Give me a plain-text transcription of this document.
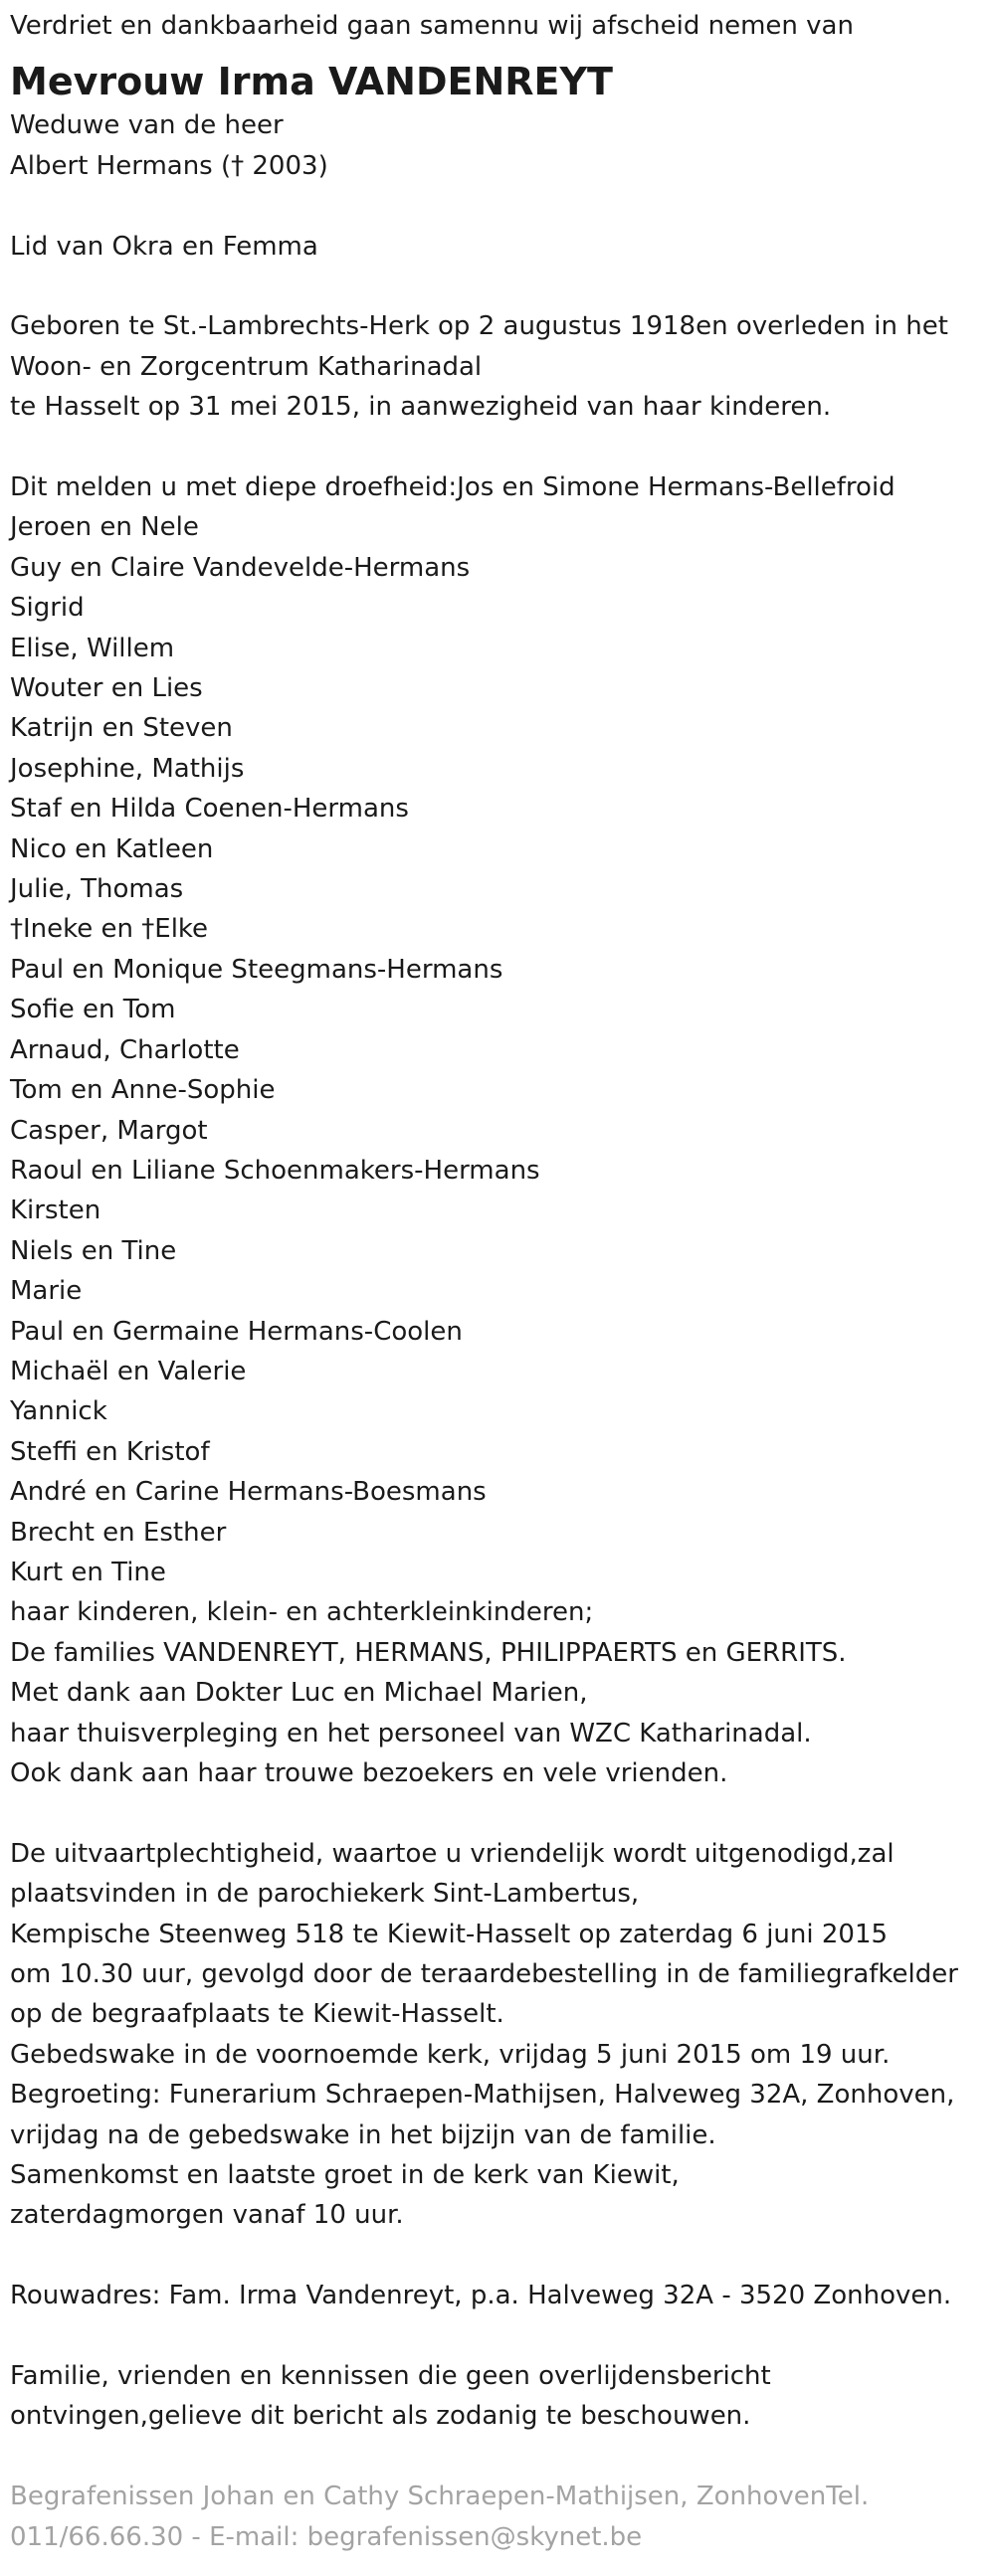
Verdriet en dankbaarheid gaan samennu wij afscheid nemen van
Mevrouw Irma VANDENREYT
Weduwe van de heer
Albert Hermans († 2003)
Lid van Okra en Femma
Geboren te St.-Lambrechts-Herk op 2 augustus 1918en overleden in het
Woon- en Zorgcentrum Katharinadal
te Hasselt op 31 mei 2015, in aanwezigheid van haar kinderen.
Dit melden u met diepe droefheid:Jos en Simone Hermans-Bellefroid
Jeroen en Nele
Guy en Claire Vandevelde-Hermans
Sigrid
Elise, Willem
Wouter en Lies
Katrijn en Steven
Josephine, Mathijs
Staf en Hilda Coenen-Hermans
Nico en Katleen
Julie, Thomas
†Ineke en †Elke
Paul en Monique Steegmans-Hermans
Sofie en Tom
Arnaud, Charlotte
Tom en Anne-Sophie
Casper, Margot
Raoul en Liliane Schoenmakers-Hermans
Kirsten
Niels en Tine
Marie
Paul en Germaine Hermans-Coolen
Michaël en Valerie
Yannick
Steffi en Kristof
André en Carine Hermans-Boesmans
Brecht en Esther
Kurt en Tine
haar kinderen, klein- en achterkleinkinderen;
De families VANDENREYT, HERMANS, PHILIPPAERTS en GERRITS.
Met dank aan Dokter Luc en Michael Marien,
haar thuisverpleging en het personeel van WZC Katharinadal.
Ook dank aan haar trouwe bezoekers en vele vrienden.
De uitvaartplechtigheid, waartoe u vriendelijk wordt uitgenodigd,zal
plaatsvinden in de parochiekerk Sint-Lambertus,
Kempische Steenweg 518 te Kiewit-Hasselt op zaterdag 6 juni 2015
om 10.30 uur, gevolgd door de teraardebestelling in de familiegrafkelder
op de begraafplaats te Kiewit-Hasselt.
Gebedswake in de voornoemde kerk, vrijdag 5 juni 2015 om 19 uur.
Begroeting: Funerarium Schraepen-Mathijsen, Halveweg 32A, Zonhoven,
vrijdag na de gebedswake in het bijzijn van de familie.
Samenkomst en laatste groet in de kerk van Kiewit,
zaterdagmorgen vanaf 10 uur.
Rouwadres: Fam. Irma Vandenreyt, p.a. Halveweg 32A - 3520 Zonhoven.
Familie, vrienden en kennissen die geen overlijdensbericht
ontvingen,gelieve dit bericht als zodanig te beschouwen.
Begrafenissen Johan en Cathy Schraepen-Mathijsen, ZonhovenTel.
011/66.66.30 - E-mail: begrafenissen@skynet.be
